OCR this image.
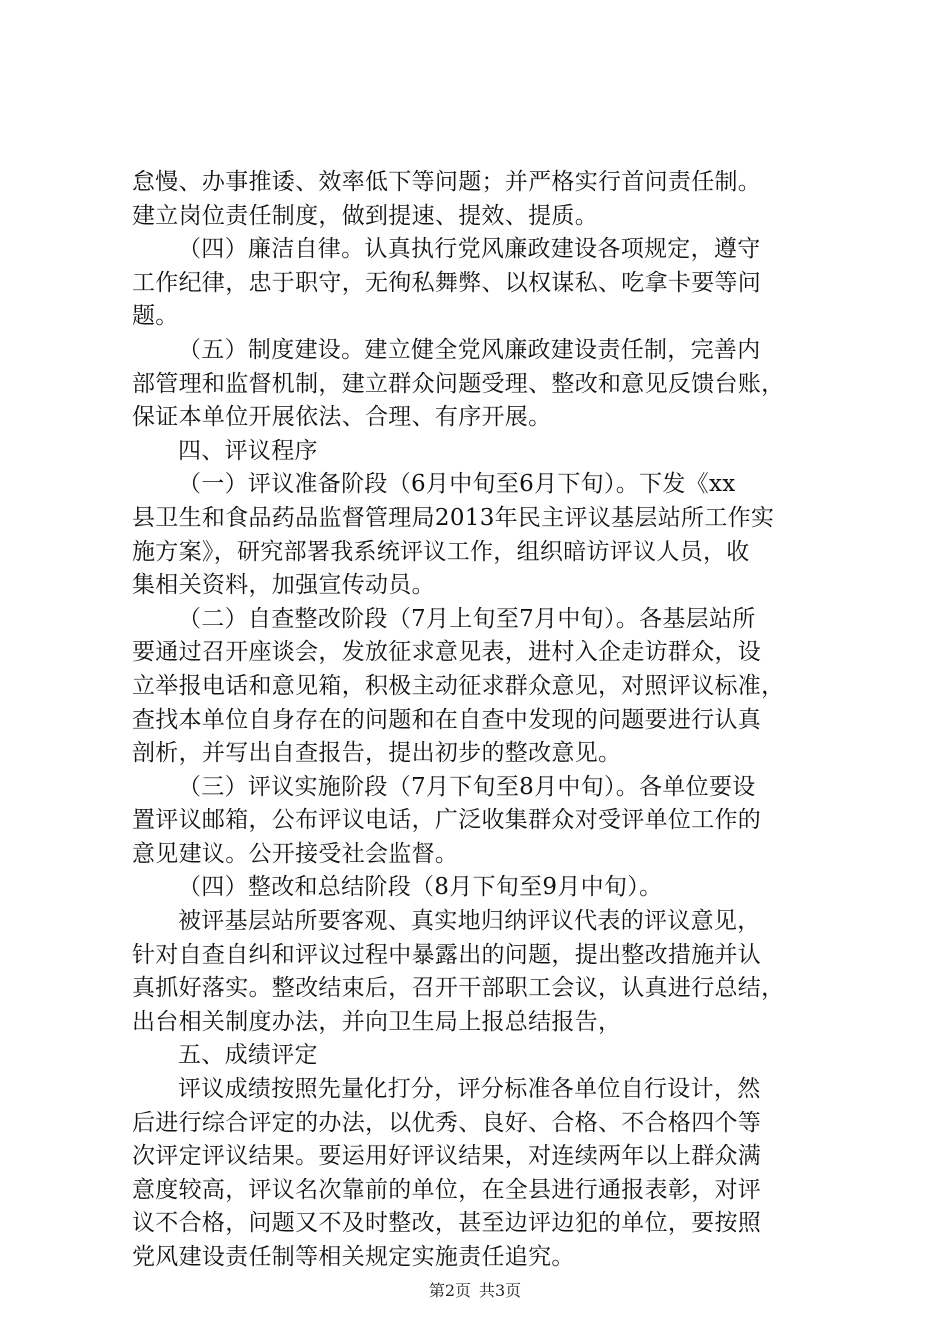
怠慢、办事推诿、效率低下等问题；并严格实行首问责任制。
建立岗位责任制度，做到提速、提效、提质。
（四）廉洁自律。认真执行党风廉政建设各项规定，遵守
工作纪律，忠于职守，无徇私舞弊、以权谋私、吃拿卡要等问
题。
（五）制度建设。建立健全党风廉政建设责任制，完善内
部管理和监督机制，建立群众问题受理、整改和意见反馈台账，
保证本单位开展依法、合理、有序开展。
四、评议程序
（一）评议准备阶段（6月中旬至6月下旬）。下发《xx
县卫生和食品药品监督管理局2013年民主评议基层站所工作实
施方案》，研究部署我系统评议工作，组织暗访评议人员，收
集相关资料，加强宣传动员。
（二）自查整改阶段（7月上旬至7月中旬）。各基层站所
要通过召开座谈会，发放征求意见表，进村入企走访群众，设
立举报电话和意见箱，积极主动征求群众意见，对照评议标准，
查找本单位自身存在的问题和在自查中发现的问题要进行认真
剖析，并写出自查报告，提出初步的整改意见。
（三）评议实施阶段（7月下旬至8月中旬）。各单位要设
置评议邮箱，公布评议电话，广泛收集群众对受评单位工作的
意见建议。公开接受社会监督。
（四）整改和总结阶段（8月下旬至9月中旬）。
被评基层站所要客观、真实地归纳评议代表的评议意见，
针对自查自纠和评议过程中暴露出的问题，提出整改措施并认
真抓好落实。整改结束后，召开干部职工会议，认真进行总结，
出台相关制度办法，并向卫生局上报总结报告，
五、成绩评定
评议成绩按照先量化打分，评分标准各单位自行设计，然
后进行综合评定的办法，以优秀、良好、合格、不合格四个等
次评定评议结果。要运用好评议结果，对连续两年以上群众满
意度较高，评议名次靠前的单位，在全县进行通报表彰，对评
议不合格，问题又不及时整改，甚至边评边犯的单位，要按照
党风建设责任制等相关规定实施责任追究。
第2页 共3页
